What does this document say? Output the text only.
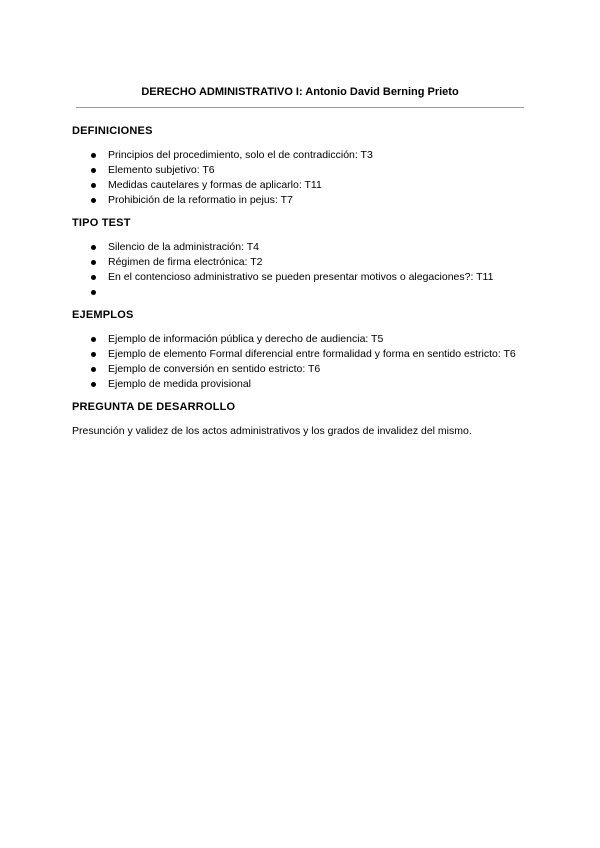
DERECHO ADMINISTRATIVO I: Antonio David Berning Prieto

DEFINICIONES

Principios del procedimiento, solo el de contradicción: T3
Elemento subjetivo: T6
Medidas cautelares y formas de aplicarlo: T11
Prohibición de la reformatio in pejus: T7

TIPO TEST

Silencio de la administración: T4
Régimen de firma electrónica: T2
En el contencioso administrativo se pueden presentar motivos o alegaciones?: T11

EJEMPLOS

Ejemplo de información pública y derecho de audiencia: T5
Ejemplo de elemento Formal diferencial entre formalidad y forma en sentido estricto: T6
Ejemplo de conversión en sentido estricto: T6
Ejemplo de medida provisional

PREGUNTA DE DESARROLLO

Presunción y validez de los actos administrativos y los grados de invalidez del mismo.
